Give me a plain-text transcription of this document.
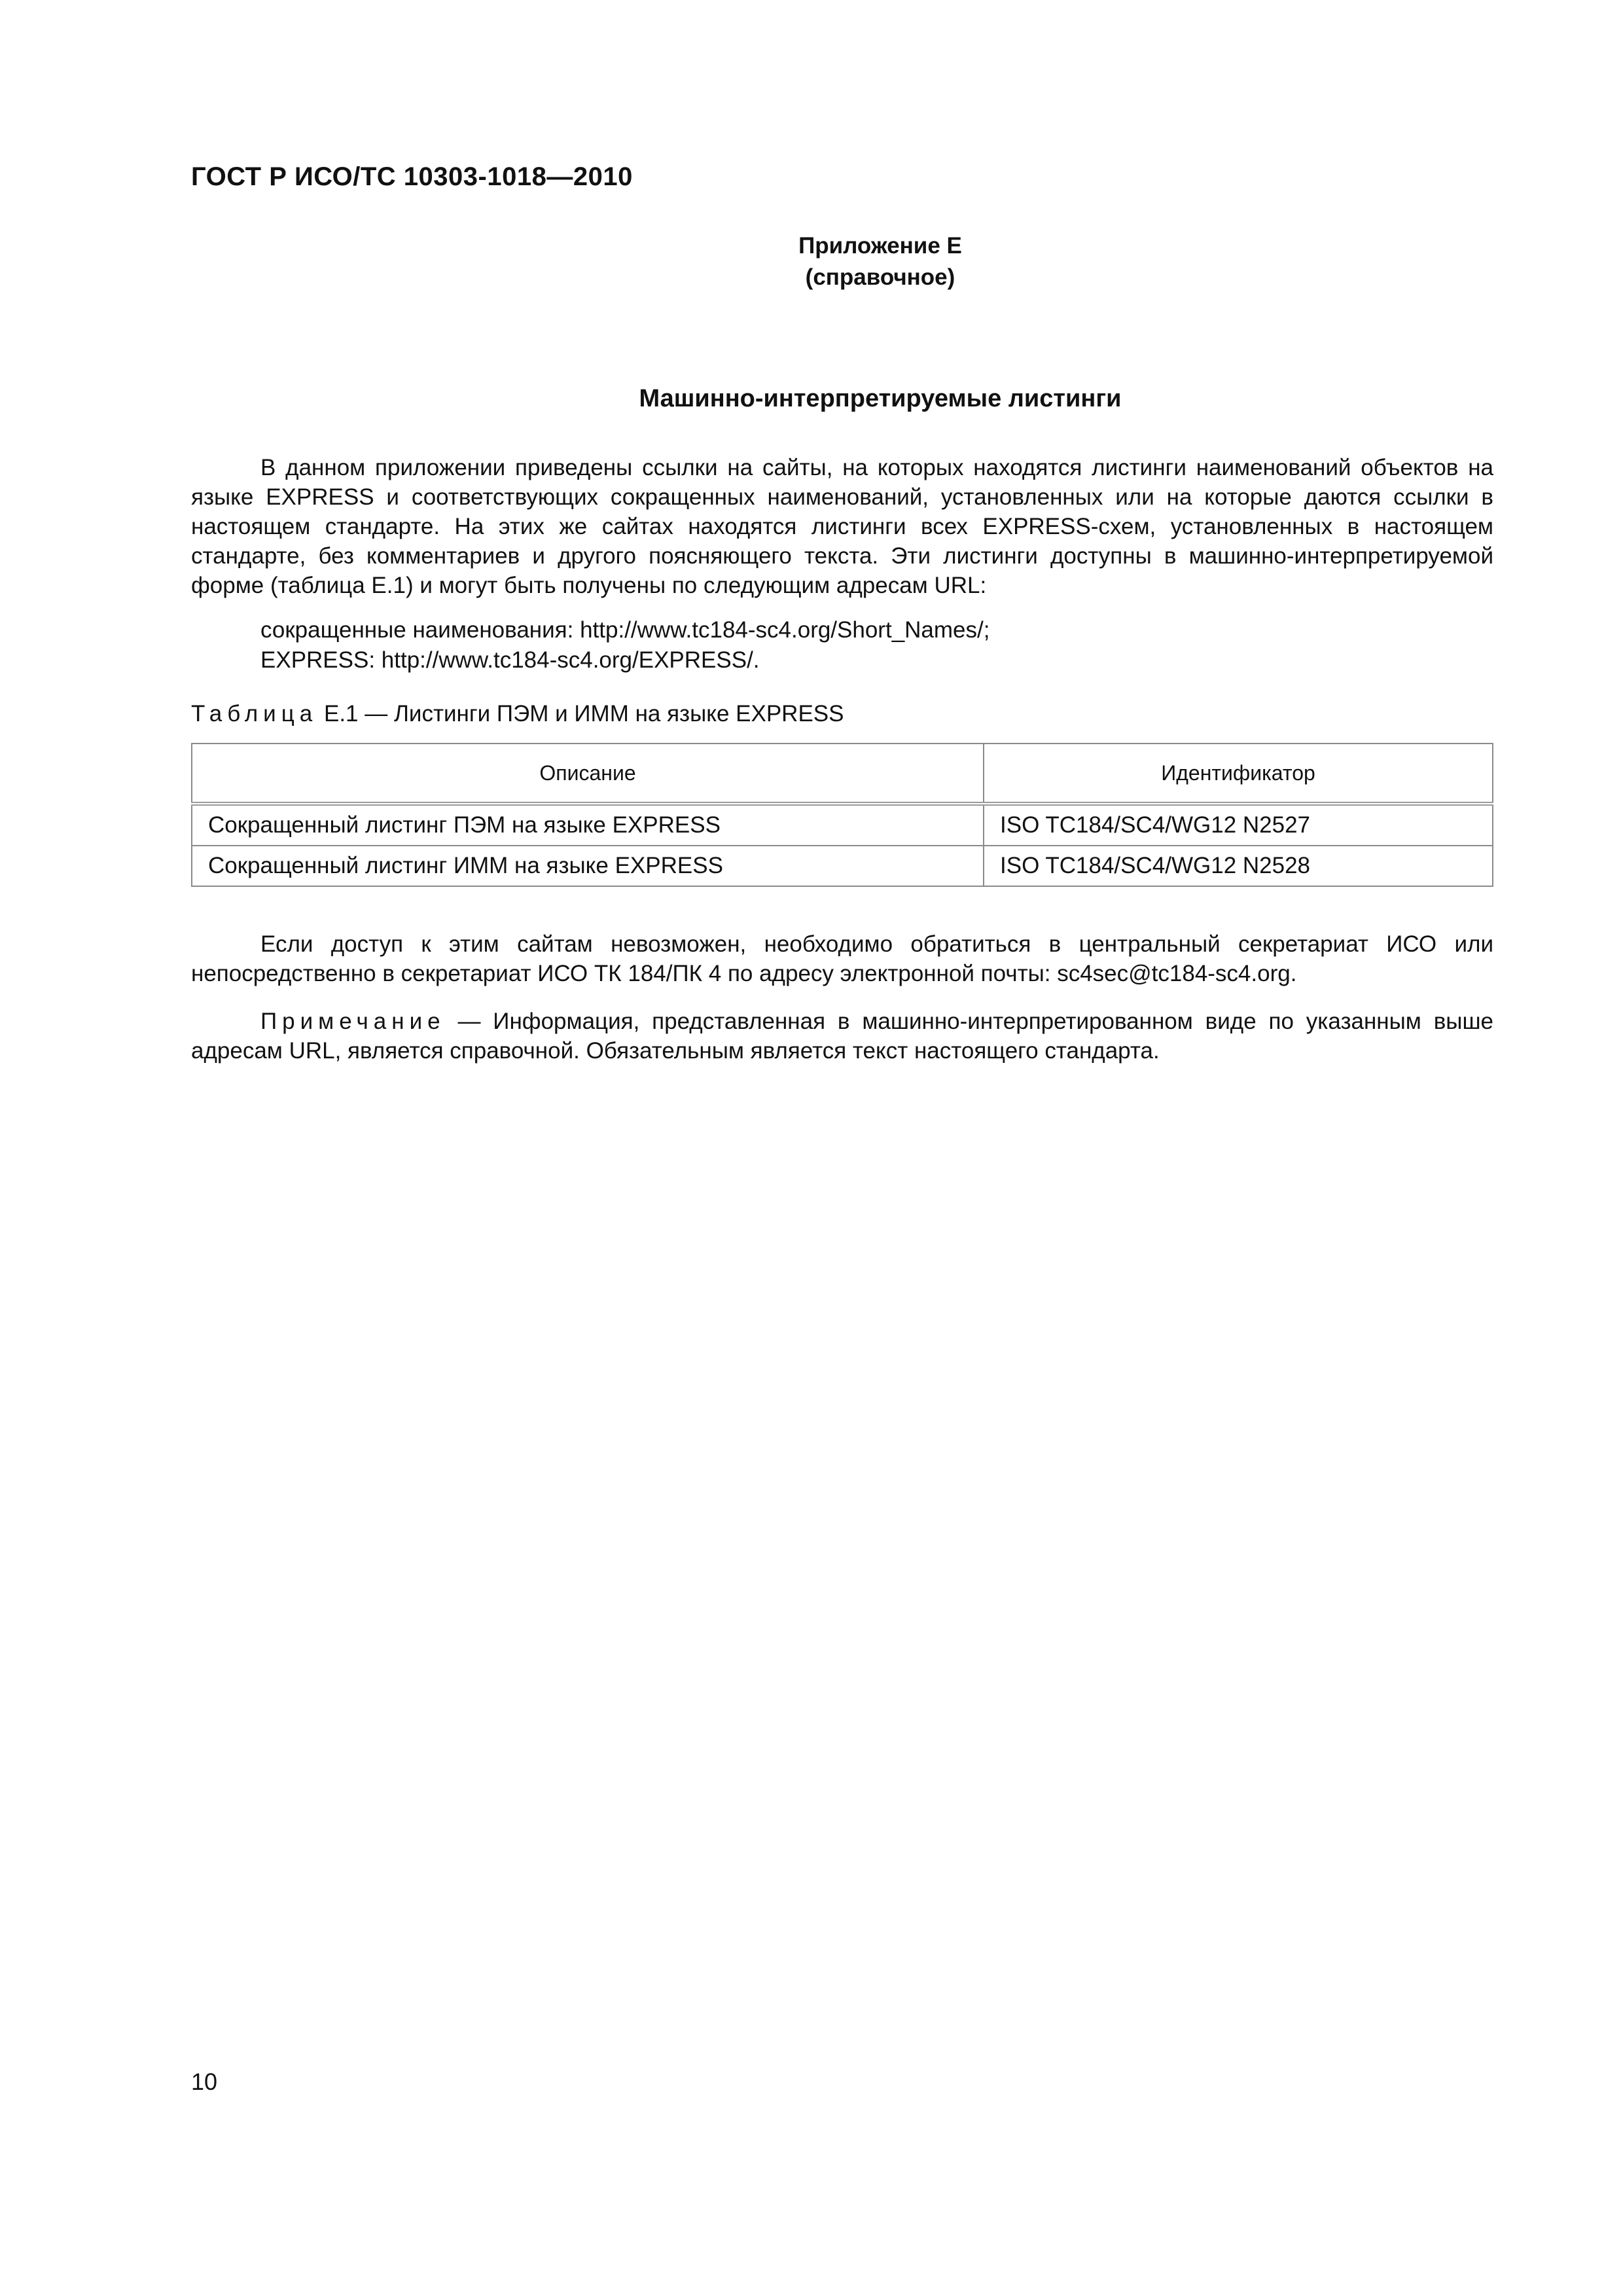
ГОСТ Р ИСО/ТС 10303-1018—2010
Приложение Е
(справочное)
Машинно-интерпретируемые листинги

В данном приложении приведены ссылки на сайты, на которых находятся листинги наименований объектов на языке EXPRESS и соответствующих сокращенных наименований, установленных или на которые даются ссылки в настоящем стандарте. На этих же сайтах находятся листинги всех EXPRESS-схем, установленных в настоящем стандарте, без комментариев и другого поясняющего текста. Эти листинги доступны в машинно-интерпретируемой форме (таблица Е.1) и могут быть получены по следующим адресам URL:

сокращенные наименования: http://www.tc184-sc4.org/Short_Names/;
EXPRESS: http://www.tc184-sc4.org/EXPRESS/.
Таблица Е.1 — Листинги ПЭМ и ИММ на языке EXPRESS
Описание	Идентификатор
Сокращенный листинг ПЭМ на языке EXPRESS	ISO TC184/SC4/WG12 N2527
Сокращенный листинг ИММ на языке EXPRESS	ISO TC184/SC4/WG12 N2528

Если доступ к этим сайтам невозможен, необходимо обратиться в центральный секретариат ИСО или непосредственно в секретариат ИСО ТК 184/ПК 4 по адресу электронной почты: sc4sec@tc184-sc4.org.

Примечание — Информация, представленная в машинно-интерпретированном виде по указанным выше адресам URL, является справочной. Обязательным является текст настоящего стандарта.

10
